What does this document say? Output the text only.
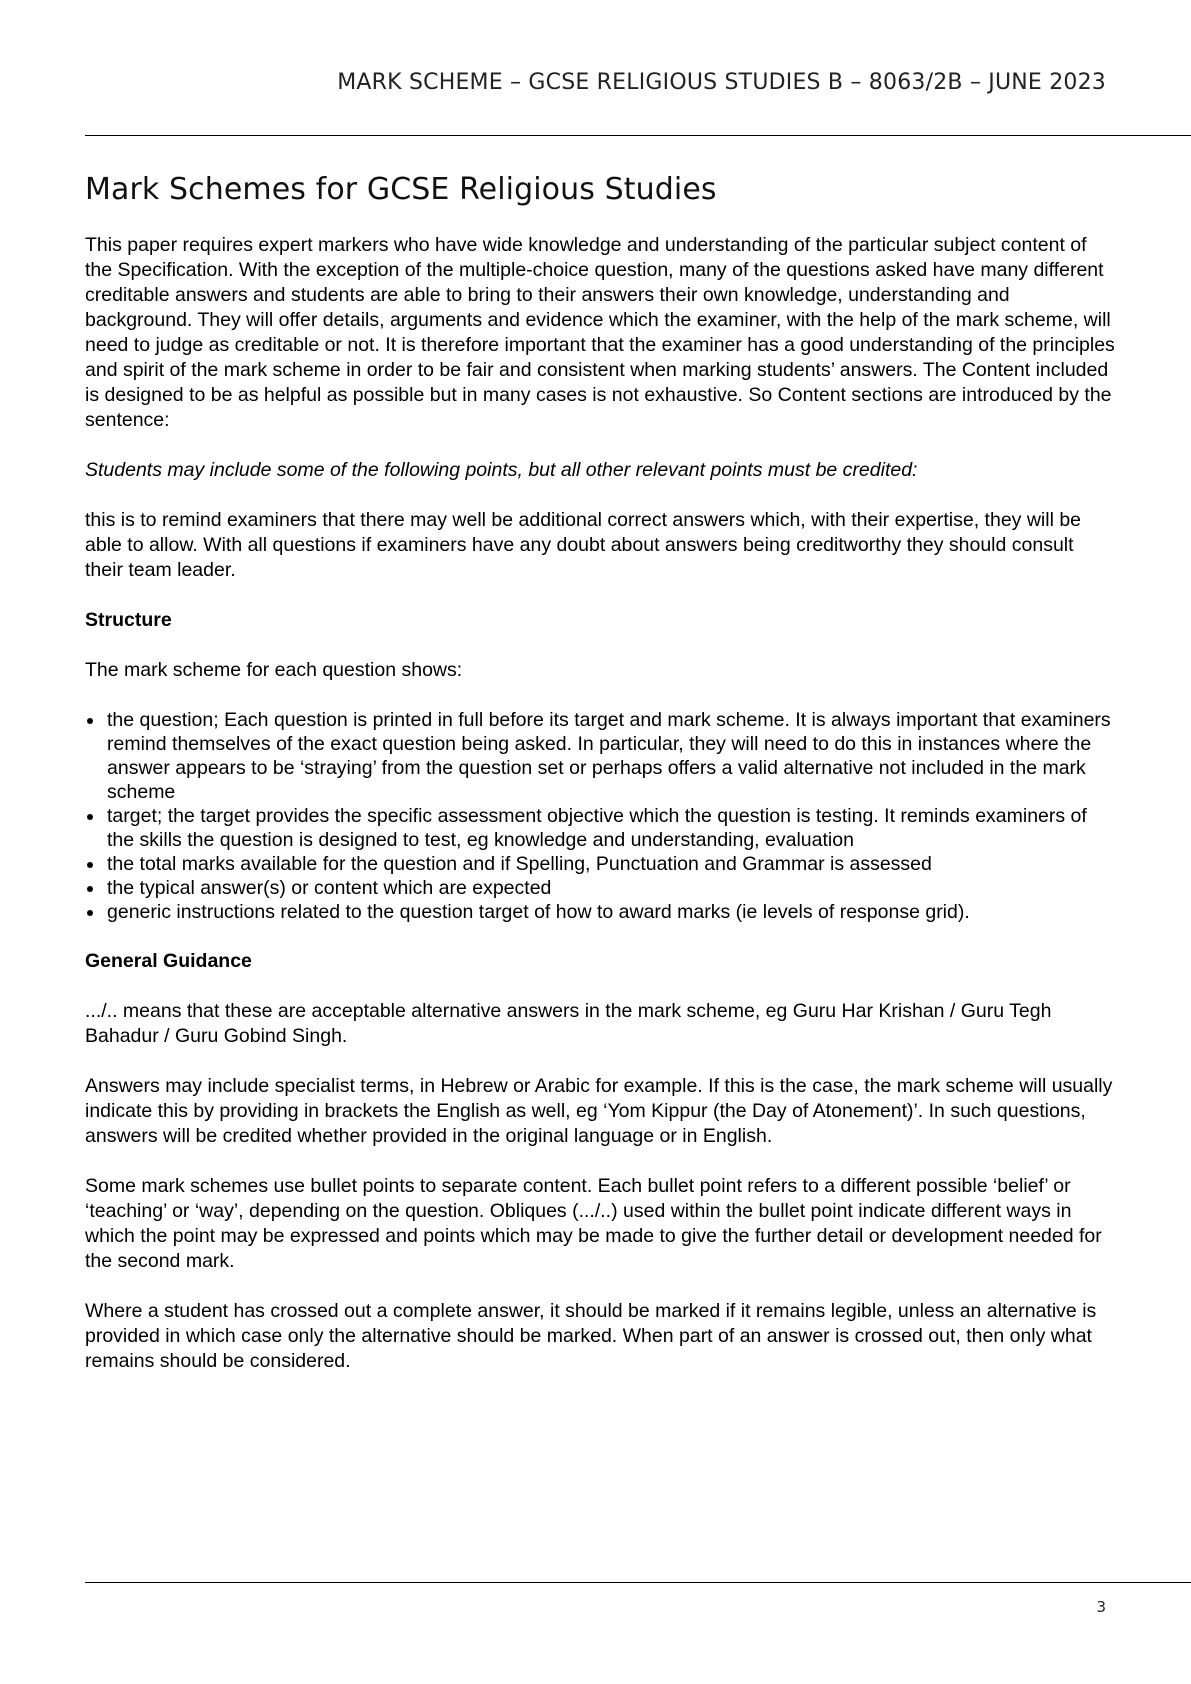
MARK SCHEME – GCSE RELIGIOUS STUDIES B – 8063/2B – JUNE 2023
Mark Schemes for GCSE Religious Studies

This paper requires expert markers who have wide knowledge and understanding of the particular subject content of the Specification. With the exception of the multiple-choice question, many of the questions asked have many different creditable answers and students are able to bring to their answers their own knowledge, understanding and background. They will offer details, arguments and evidence which the examiner, with the help of the mark scheme, will need to judge as creditable or not. It is therefore important that the examiner has a good understanding of the principles and spirit of the mark scheme in order to be fair and consistent when marking students’ answers. The Content included is designed to be as helpful as possible but in many cases is not exhaustive. So Content sections are introduced by the sentence:

Students may include some of the following points, but all other relevant points must be credited:

this is to remind examiners that there may well be additional correct answers which, with their expertise, they will be able to allow. With all questions if examiners have any doubt about answers being creditworthy they should consult their team leader.

Structure

The mark scheme for each question shows:

the question; Each question is printed in full before its target and mark scheme. It is always important that examiners remind themselves of the exact question being asked. In particular, they will need to do this in instances where the answer appears to be ‘straying’ from the question set or perhaps offers a valid alternative not included in the mark scheme
target; the target provides the specific assessment objective which the question is testing. It reminds examiners of the skills the question is designed to test, eg knowledge and understanding, evaluation
the total marks available for the question and if Spelling, Punctuation and Grammar is assessed
the typical answer(s) or content which are expected
generic instructions related to the question target of how to award marks (ie levels of response grid).
General Guidance

.../.. means that these are acceptable alternative answers in the mark scheme, eg Guru Har Krishan / Guru Tegh Bahadur / Guru Gobind Singh.

Answers may include specialist terms, in Hebrew or Arabic for example. If this is the case, the mark scheme will usually indicate this by providing in brackets the English as well, eg ‘Yom Kippur (the Day of Atonement)’. In such questions, answers will be credited whether provided in the original language or in English.

Some mark schemes use bullet points to separate content. Each bullet point refers to a different possible ‘belief’ or ‘teaching’ or ‘way’, depending on the question. Obliques (.../..) used within the bullet point indicate different ways in which the point may be expressed and points which may be made to give the further detail or development needed for the second mark.

Where a student has crossed out a complete answer, it should be marked if it remains legible, unless an alternative is provided in which case only the alternative should be marked. When part of an answer is crossed out, then only what remains should be considered.

3
